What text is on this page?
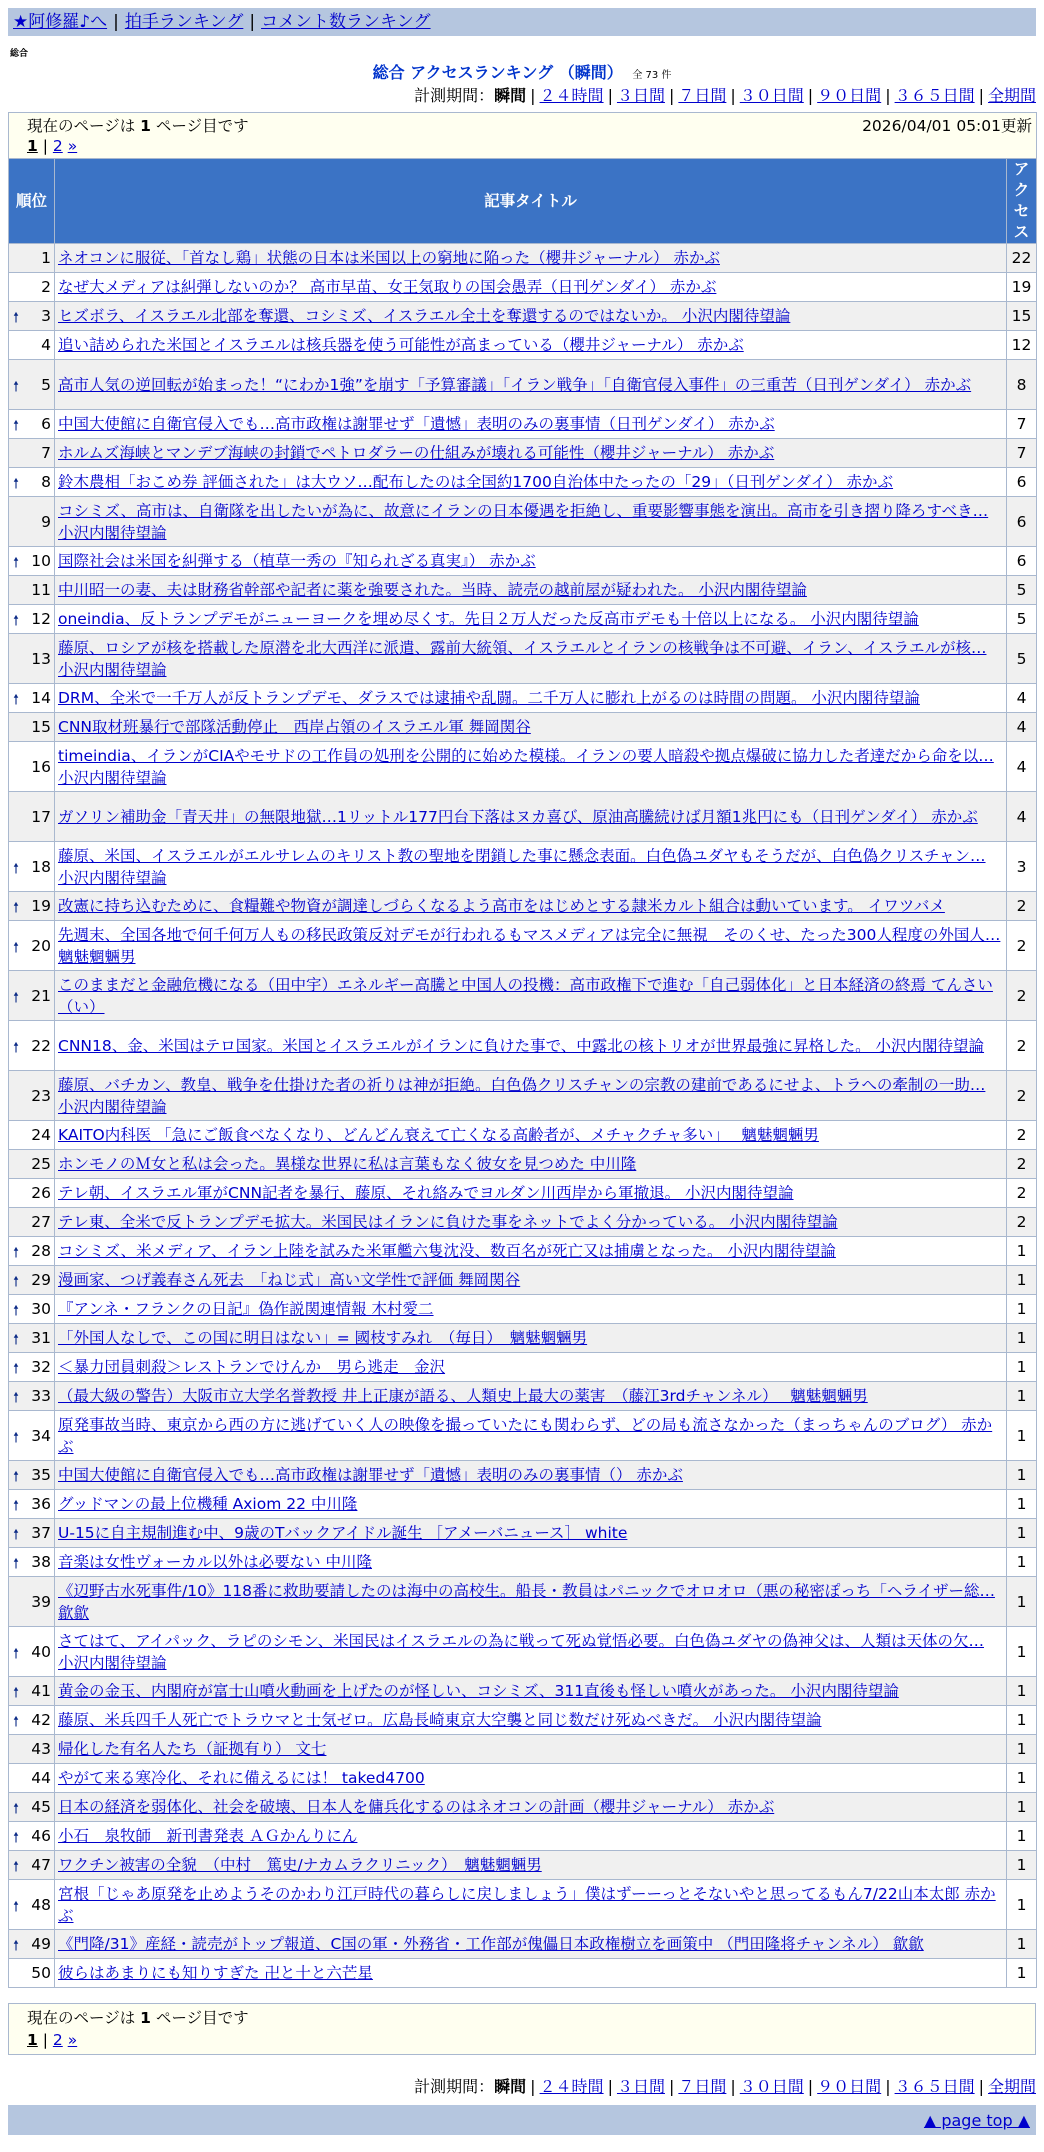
★阿修羅♪へ | 拍手ランキング | コメント数ランキング
総合
総合 アクセスランキング （瞬間） 全 73 件
計測期間：瞬間 | ２４時間 | ３日間 | ７日間 | ３０日間 | ９０日間 | ３６５日間 | 全期間
現在のページは 1 ページ目です 2026/04/01 05:01更新
1 | 2 »		

順位	記事タイトル	アクセス
1	ネオコンに服従、「首なし鶏」状態の日本は米国以上の窮地に陥った（櫻井ジャーナル） 赤かぶ	22
2	なぜ大メディアは糾弾しないのか？ 高市早苗、女王気取りの国会愚弄（日刊ゲンダイ） 赤かぶ	19

🠕 3	ヒズボラ、イスラエル北部を奪還、コシミズ、イスラエル全土を奪還するのではないか。 小沢内閣待望論	15
4	追い詰められた米国とイスラエルは核兵器を使う可能性が高まっている（櫻井ジャーナル） 赤かぶ	12

🠕 5	高市人気の逆回転が始まった！“にわか1強”を崩す「予算審議」「イラン戦争」「自衛官侵入事件」の三重苦（日刊ゲンダイ） 赤かぶ	8

🠕 6	中国大使館に自衛官侵入でも…高市政権は謝罪せず「遺憾」表明のみの裏事情（日刊ゲンダイ） 赤かぶ	7
7	ホルムズ海峡とマンデブ海峡の封鎖でペトロダラーの仕組みが壊れる可能性（櫻井ジャーナル） 赤かぶ	7

🠕 8	鈴木農相「おこめ券 評価された」は大ウソ…配布したのは全国約1700自治体中たったの「29」（日刊ゲンダイ） 赤かぶ	6
9	コシミズ、高市は、自衛隊を出したいが為に、故意にイランの日本優遇を拒絶し、重要影響事態を演出。高市を引き摺り降ろすべき… 小沢内閣待望論	6

🠕 10	国際社会は米国を糾弾する（植草一秀の『知られざる真実』） 赤かぶ	6
11	中川昭一の妻、夫は財務省幹部や記者に薬を強要された。当時、読売の越前屋が疑われた。 小沢内閣待望論	5

🠕 12	oneindia、反トランプデモがニューヨークを埋め尽くす。先日２万人だった反高市デモも十倍以上になる。 小沢内閣待望論	5
13	藤原、ロシアが核を搭載した原潜を北大西洋に派遣、露前大統領、イスラエルとイランの核戦争は不可避、イラン、イスラエルが核… 小沢内閣待望論	5

🠕 14	DRM、全米で一千万人が反トランプデモ、ダラスでは逮捕や乱闘。二千万人に膨れ上がるのは時間の問題。 小沢内閣待望論	4
15	CNN取材班暴行で部隊活動停止　西岸占領のイスラエル軍 舞岡関谷	4
16	timeindia、イランがCIAやモサドの工作員の処刑を公開的に始めた模様。イランの要人暗殺や拠点爆破に協力した者達だから命を以… 小沢内閣待望論	4
17	ガソリン補助金「青天井」の無限地獄…1リットル177円台下落はヌカ喜び、原油高騰続けば月額1兆円にも（日刊ゲンダイ） 赤かぶ	4

🠕 18	藤原、米国、イスラエルがエルサレムのキリスト教の聖地を閉鎖した事に懸念表面。白色偽ユダヤもそうだが、白色偽クリスチャン… 小沢内閣待望論	3

🠕 19	改憲に持ち込むために、食糧難や物資が調達しづらくなるよう高市をはじめとする隷米カルト組合は動いています。 イワツバメ	2

🠕 20	先週末、全国各地で何千何万人もの移民政策反対デモが行われるもマスメディアは完全に無視　そのくせ、たった300人程度の外国人… 魑魅魍魎男	2

🠕 21	このままだと金融危機になる（田中宇）エネルギー高騰と中国人の投機：高市政権下で進む「自己弱体化」と日本経済の終焉 てんさい（い）	2

🠕 22	CNN18、金、米国はテロ国家。米国とイスラエルがイランに負けた事で、中露北の核トリオが世界最強に昇格した。 小沢内閣待望論	2
23	藤原、バチカン、教皇、戦争を仕掛けた者の祈りは神が拒絶。白色偽クリスチャンの宗教の建前であるにせよ、トラへの牽制の一助… 小沢内閣待望論	2
24	KAITO内科医 「急にご飯食べなくなり、どんどん衰えて亡くなる高齢者が、メチャクチャ多い」　 魑魅魍魎男	2
25	ホンモノのＭ女と私は会った。異様な世界に私は言葉もなく彼女を見つめた 中川隆	2
26	テレ朝、イスラエル軍がCNN記者を暴行、藤原、それ絡みでヨルダン川西岸から軍撤退。 小沢内閣待望論	2
27	テレ東、全米で反トランプデモ拡大。米国民はイランに負けた事をネットでよく分かっている。 小沢内閣待望論	2

🠕 28	コシミズ、米メディア、イラン上陸を試みた米軍艦六隻沈没、数百名が死亡又は捕虜となった。 小沢内閣待望論	1

🠕 29	漫画家、つげ義春さん死去　「ねじ式」高い文学性で評価 舞岡関谷	1

🠕 30	『アンネ・フランクの日記』偽作説関連情報 木村愛二	1

🠕 31	「外国人なしで、この国に明日はない」= 國枝すみれ　（毎日）　魑魅魍魎男	1

🠕 32	＜暴力団員刺殺＞レストランでけんか　男ら逃走　金沢	1

🠕 33	（最大級の警告）大阪市立大学名誉教授 井上正康が語る、人類史上最大の薬害　（藤江3rdチャンネル）　 魑魅魍魎男	1

🠕 34	原発事故当時、東京から西の方に逃げていく人の映像を撮っていたにも関わらず、どの局も流さなかった（まっちゃんのブログ） 赤かぶ	1

🠕 35	中国大使館に自衛官侵入でも…高市政権は謝罪せず「遺憾」表明のみの裏事情（） 赤かぶ	1

🠕 36	グッドマンの最上位機種 Axiom 22 中川隆	1

🠕 37	U-15に自主規制進む中、9歳のTバックアイドル誕生 ［アメーバニュース］ white	1

🠕 38	音楽は女性ヴォーカル以外は必要ない 中川隆	1
39	《辺野古水死事件/10》118番に救助要請したのは海中の高校生。船長・教員はパニックでオロオロ（悪の秘密ぽっち「ヘライザー総… 歙歙	1

🠕 40	さてはて、アイパック、ラピのシモン、米国民はイスラエルの為に戦って死ぬ覚悟必要。白色偽ユダヤの偽神父は、人類は天体の欠… 小沢内閣待望論	1

🠕 41	黄金の金玉、内閣府が富士山噴火動画を上げたのが怪しい、コシミズ、311直後も怪しい噴火があった。 小沢内閣待望論	1

🠕 42	藤原、米兵四千人死亡でトラウマと士気ゼロ。広島長崎東京大空襲と同じ数だけ死ぬべきだ。 小沢内閣待望論	1
43	帰化した有名人たち（証拠有り） 文七	1
44	やがて来る寒冷化、それに備えるには！ taked4700	1

🠕 45	日本の経済を弱体化、社会を破壊、日本人を傭兵化するのはネオコンの計画（櫻井ジャーナル） 赤かぶ	1

🠕 46	小石　泉牧師　新刊書発表 ＡＧかんりにん	1

🠕 47	ワクチン被害の全貌　（中村　篤史/ナカムラクリニック）　魑魅魍魎男	1

🠕 48	宮根「じゃあ原発を止めようそのかわり江戸時代の暮らしに戻しましょう」僕はずーーっとそないやと思ってるもん7/22山本太郎 赤かぶ	1

🠕 49	《門降/31》産経・読売がトップ報道、C国の軍・外務省・工作部が傀儡日本政権樹立を画策中 （門田隆将チャンネル） 歙歙	1
50	彼らはあまりにも知りすぎた 卍と十と六芒星	1
現在のページは 1 ページ目です
1 | 2 »
計測期間：瞬間 | ２４時間 | ３日間 | ７日間 | ３０日間 | ９０日間 | ３６５日間 | 全期間
▲ page top ▲
